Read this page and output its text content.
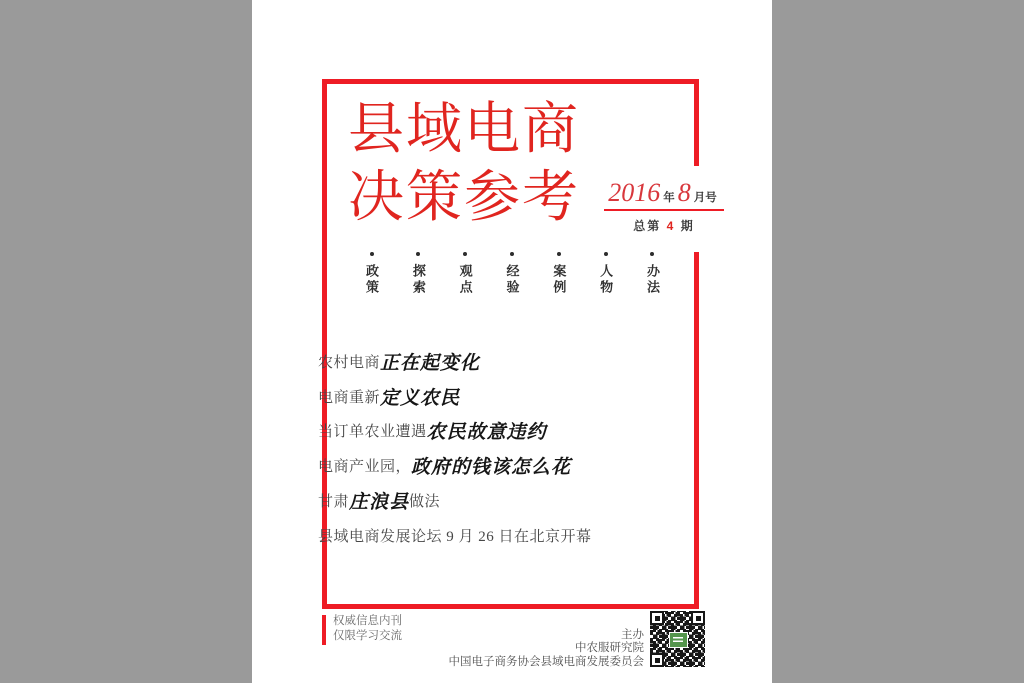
县域电商
决策参考 2016 年 8 月号
总第 4 期
政策 探索 观点 经验 案例 人物 办法
农村电商 正在起变化
电商重新 定义农民
当订单农业遭遇 农民故意违约
电商产业园， 政府的钱该怎么花
甘肃 庄浪县 做法
县域电商发展论坛 9 月 26 日在北京开幕
权威信息内刊
仅限学习交流	主办
中农服研究院
中国电子商务协会县域电商发展委员会
